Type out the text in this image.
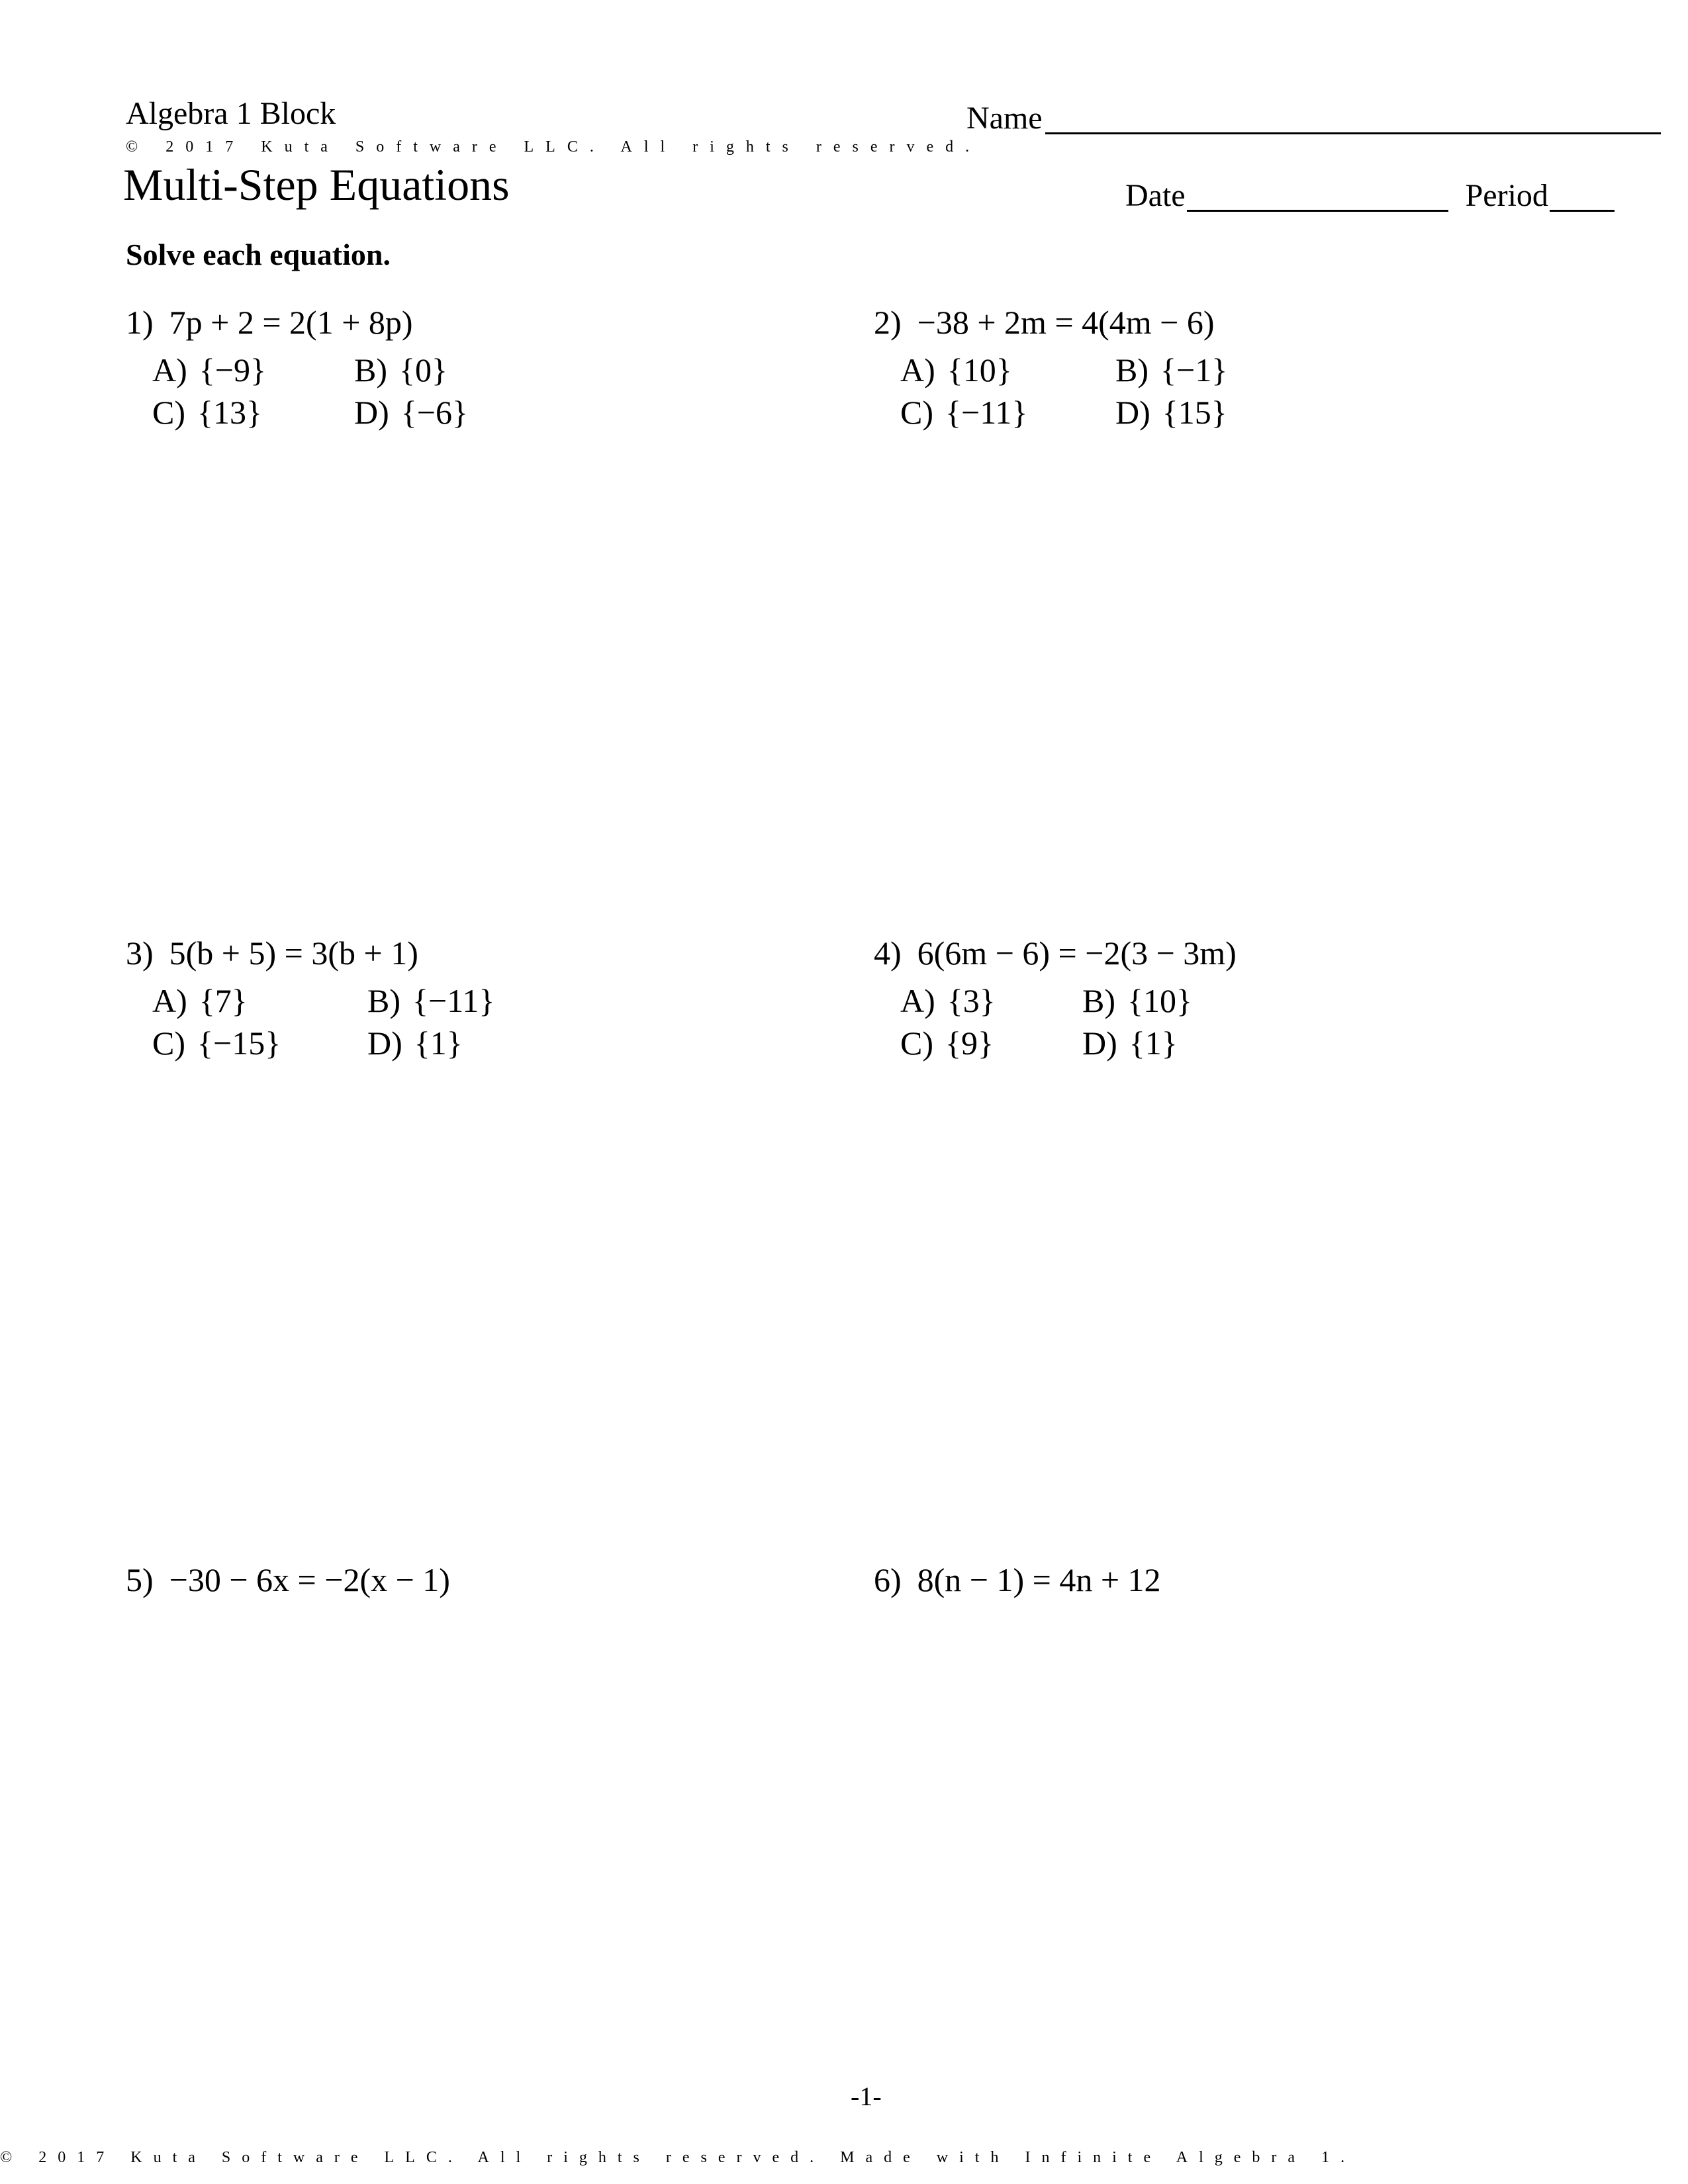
Algebra 1 Block	Name
© 2017 Kuta Software LLC. All rights reserved.
Multi-Step Equations	Date	Period
Solve each equation.
1) 7p + 2 = 2(1 + 8p)
A) {−9}	B) {0}
C) {13}	D) {−6}
2) −38 + 2m = 4(4m − 6)
A) {10}	B) {−1}
C) {−11}	D) {15}
3) 5(b + 5) = 3(b + 1)
A) {7}	B) {−11}
C) {−15}	D) {1}
4) 6(6m − 6) = −2(3 − 3m)
A) {3}	B) {10}
C) {9}	D) {1}
5) −30 − 6x = −2(x − 1)	6) 8(n − 1) = 4n + 12
-1-
© 2017 Kuta Software LLC. All rights reserved. Made with Infinite Algebra 1.
